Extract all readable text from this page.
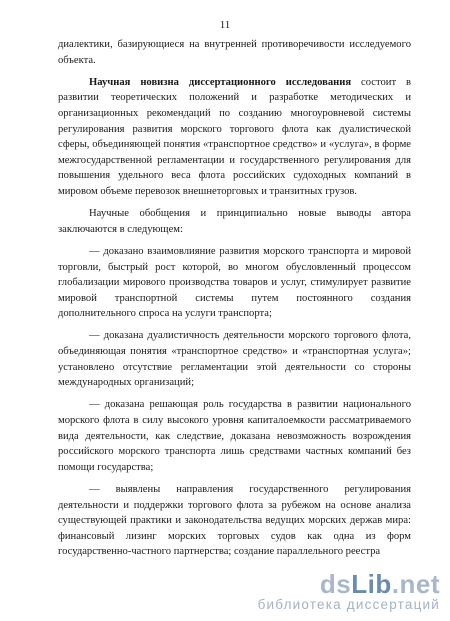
11

диалектики, базирующиеся на внутренней противоречивости исследуемого объекта.

Научная новизна диссертационного исследования состоит в развитии теоретических положений и разработке методических и организационных рекомендаций по созданию многоуровневой системы регулирования развития морского торгового флота как дуалистической сферы, объединяющей понятия «транспортное средство» и «услуга», в форме межгосударственной регламентации и государственного регулирования для повышения удельного веса флота российских судоходных компаний в мировом объеме перевозок внешнеторговых и транзитных грузов.

Научные обобщения и принципиально новые выводы автора заключаются в следующем:

— доказано взаимовлияние развития морского транспорта и мировой торговли, быстрый рост которой, во многом обусловленный процессом глобализации мирового производства товаров и услуг, стимулирует развитие мировой транспортной системы путем постоянного создания дополнительного спроса на услуги транспорта;

— доказана дуалистичность деятельности морского торгового флота, объединяющая понятия «транспортное средство» и «транспортная услуга»; установлено отсутствие регламентации этой деятельности со стороны международных организаций;

— доказана решающая роль государства в развитии национального морского флота в силу высокого уровня капиталоемкости рассматриваемого вида деятельности, как следствие, доказана невозможность возрождения российского морского транспорта лишь средствами частных компаний без помощи государства;

— выявлены направления государственного регулирования деятельности и поддержки торгового флота за рубежом на основе анализа существующей практики и законодательства ведущих морских держав мира: финансовый лизинг морских торговых судов как одна из форм государственно-частного партнерства; создание параллельного реестра

dsLib.net
библиотека диссертаций
